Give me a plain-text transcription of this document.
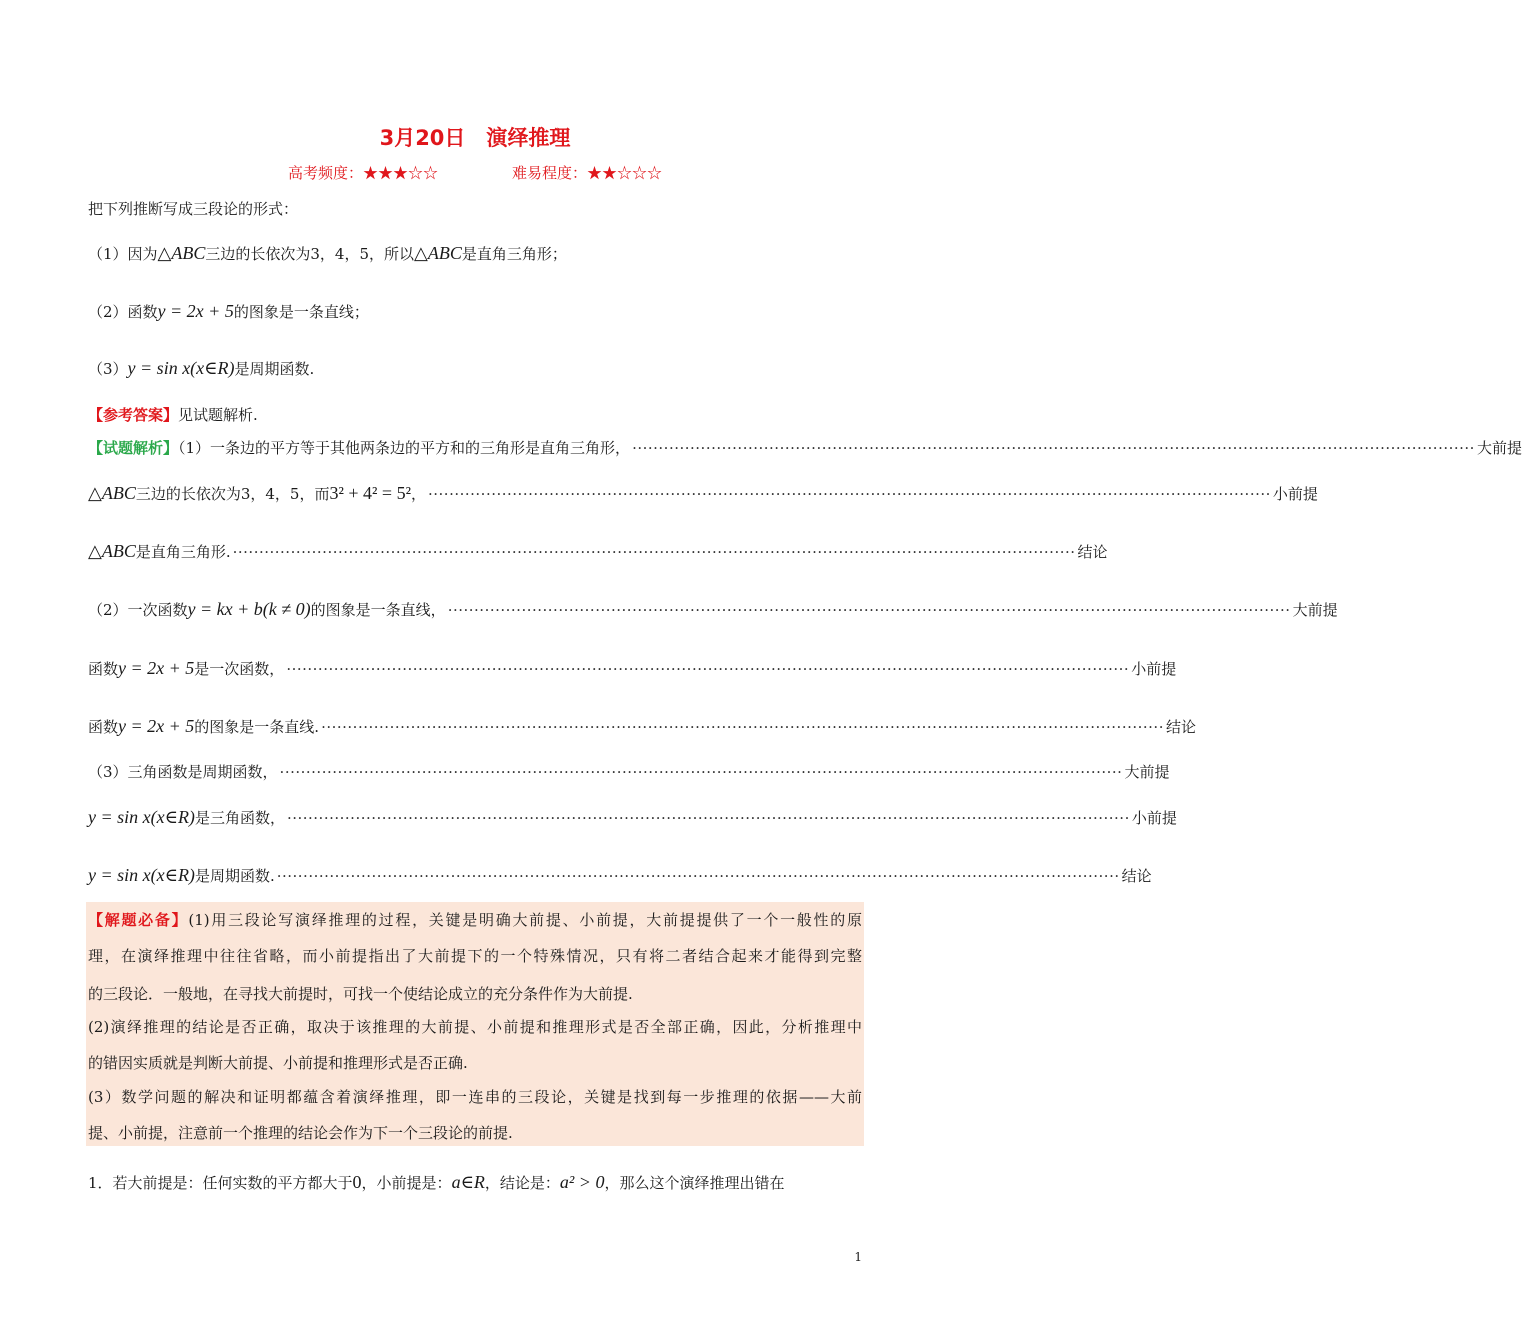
3月20日　演绎推理
高考频度：★★★☆☆	难易程度：★★☆☆☆
把下列推断写成三段论的形式：
（1）因为△ABC三边的长依次为3，4，5，所以△ABC是直角三角形；
（2）函数y = 2x + 5的图象是一条直线；
（3）y = sin x(x∈R)是周期函数.
【参考答案】见试题解析.
【试题解析】（1）一条边的平方等于其他两条边的平方和的三角形是直角三角形， ································································································································································ 大前提
△ABC三边的长依次为3，4，5，而3² + 4² = 5²， ································································································································································ 小前提
△ABC是直角三角形. ································································································································································ 结论
（2）一次函数y = kx + b(k ≠ 0)的图象是一条直线， ································································································································································ 大前提
函数y = 2x + 5是一次函数， ································································································································································ 小前提
函数y = 2x + 5的图象是一条直线. ································································································································································ 结论
（3）三角函数是周期函数， ································································································································································ 大前提
y = sin x(x∈R)是三角函数， ································································································································································ 小前提
y = sin x(x∈R)是周期函数. ································································································································································ 结论

【解题必备】(1)用三段论写演绎推理的过程，关键是明确大前提、小前提，大前提提供了一个一般性的原

理，在演绎推理中往往省略，而小前提指出了大前提下的一个特殊情况，只有将二者结合起来才能得到完整

的三段论．一般地，在寻找大前提时，可找一个使结论成立的充分条件作为大前提.

(2)演绎推理的结论是否正确，取决于该推理的大前提、小前提和推理形式是否全部正确，因此，分析推理中

的错因实质就是判断大前提、小前提和推理形式是否正确.

(3）数学问题的解决和证明都蕴含着演绎推理，即一连串的三段论，关键是找到每一步推理的依据——大前

提、小前提，注意前一个推理的结论会作为下一个三段论的前提.

1．若大前提是：任何实数的平方都大于0，小前提是：a∈R，结论是：a² > 0，那么这个演绎推理出错在
1
